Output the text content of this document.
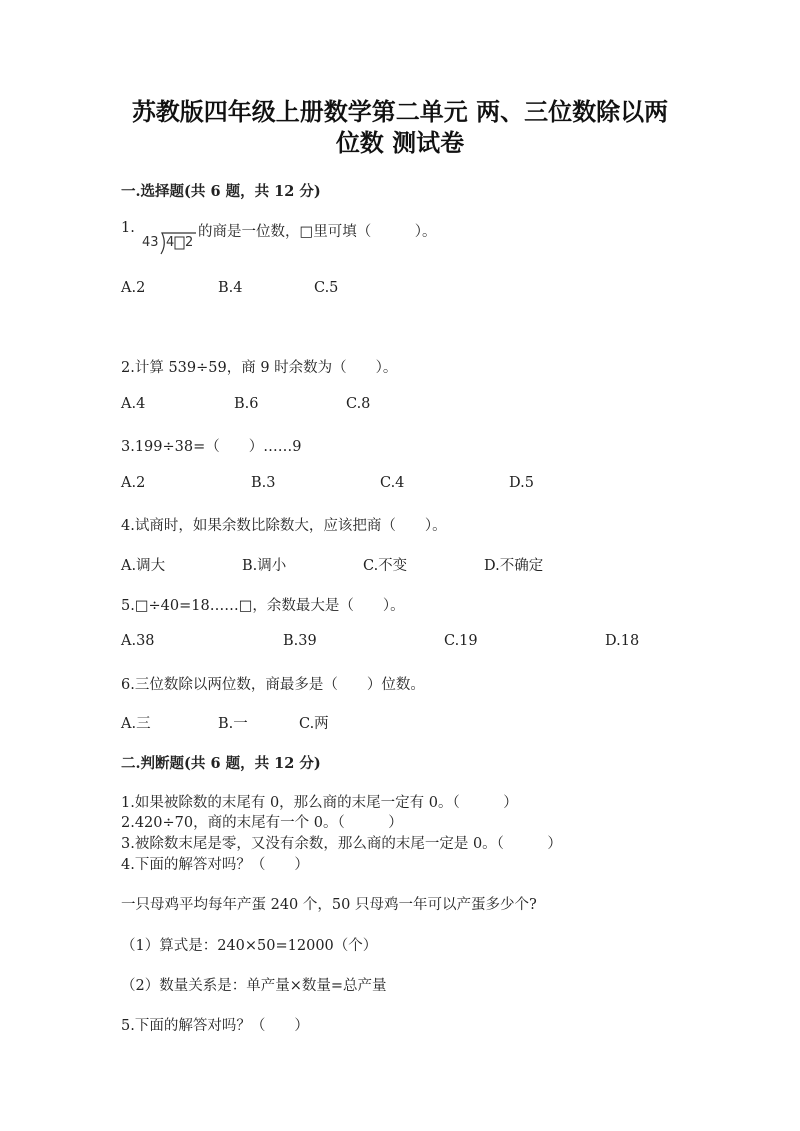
苏教版四年级上册数学第二单元 两、三位数除以两
位数 测试卷
一.选择题(共 6 题，共 12 分)
1.
43 4 2
的商是一位数，□里可填（　　　）。
A.2	B.4	C.5
2.计算 539÷59，商 9 时余数为（　　）。
A.4	B.6	C.8
3.199÷38=（　　）……9
A.2	B.3	C.4	D.5
4.试商时，如果余数比除数大，应该把商（　　）。
A.调大	B.调小	C.不变	D.不确定
5.□÷40=18……□，余数最大是（　　）。
A.38	B.39	C.19	D.18
6.三位数除以两位数，商最多是（　　）位数。
A.三	B.一	C.两
二.判断题(共 6 题，共 12 分)
1.如果被除数的末尾有 0，那么商的末尾一定有 0。（　　　）
2.420÷70，商的末尾有一个 0。（　　　）
3.被除数末尾是零，又没有余数，那么商的末尾一定是 0。（　　　）
4.下面的解答对吗？（　　）
一只母鸡平均每年产蛋 240 个，50 只母鸡一年可以产蛋多少个?
（1）算式是：240×50=12000（个）
（2）数量关系是：单产量×数量=总产量
5.下面的解答对吗？（　　）
